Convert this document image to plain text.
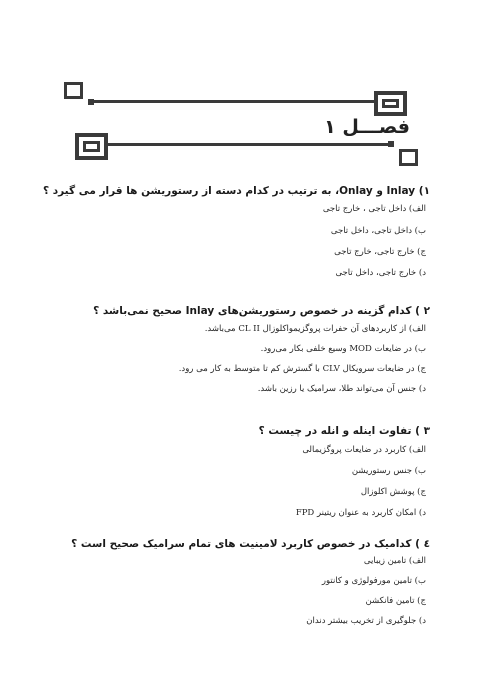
فصـــل ۱
۱) Inlay و Onlay، به ترتیب در کدام دسته از رستوریشن ها قرار می گیرد ؟
الف) داخل تاجی ، خارج تاجی
ب) داخل تاجی، داخل تاجی
ج) خارج تاجی، خارج تاجی
د) خارج تاجی، داخل تاجی
۲ ) کدام گزینه در خصوص رستوریشن‌های Inlay صحیح نمی‌باشد ؟
الف) از کاربردهای آن حفرات پروگزیمواکلوزال CL II می‌باشد.
ب) در ضایعات MOD وسیع خلفی بکار می‌رود.
ج) در ضایعات سرویکال CLV با گسترش کم تا متوسط به کار می رود.
د) جنس آن می‌تواند طلا، سرامیک یا رزین باشد.
۳ ) تفاوت اینله و انله در چیست ؟
الف) کاربرد در ضایعات پروگزیمالی
ب) جنس رستوریشن
ج) پوشش اکلوزال
د) امکان کاربرد به عنوان ریتینر FPD
٤ ) کدامیک در خصوص کاربرد لامینیت های تمام سرامیک صحیح است ؟
الف) تامین زیبایی
ب) تامین مورفولوژی و کانتور
ج) تامین فانکشن
د) جلوگیری از تخریب بیشتر دندان
